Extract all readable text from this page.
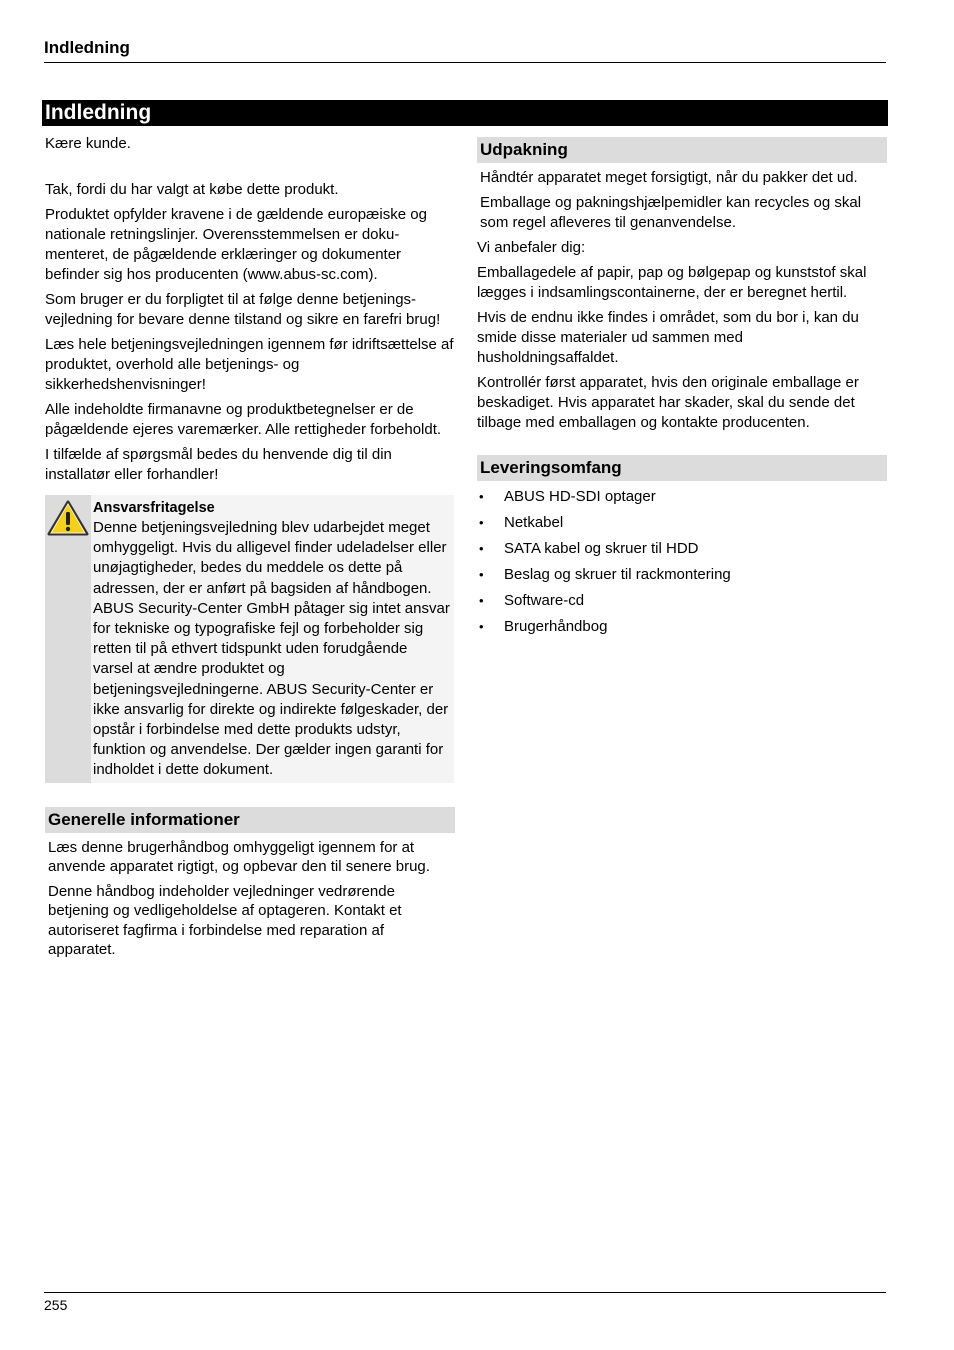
Indledning
Indledning

Kære kunde.

Tak, fordi du har valgt at købe dette produkt.

Produktet opfylder kravene i de gældende europæiske og nationale retningslinjer. Overensstemmelsen er doku-menteret, de pågældende erklæringer og dokumenter befinder sig hos producenten (www.abus-sc.com).

Som bruger er du forpligtet til at følge denne betjenings-vejledning for bevare denne tilstand og sikre en farefri brug!

Læs hele betjeningsvejledningen igennem før idriftsættelse af produktet, overhold alle betjenings- og sikkerhedshenvisninger!

Alle indeholdte firmanavne og produktbetegnelser er de pågældende ejeres varemærker. Alle rettigheder forbeholdt.

I tilfælde af spørgsmål bedes du henvende dig til din installatør eller forhandler!

Ansvarsfritagelse
Denne betjeningsvejledning blev udarbejdet meget omhyggeligt. Hvis du alligevel finder udeladelser eller unøjagtigheder, bedes du meddele os dette på adressen, der er anført på bagsiden af håndbogen. ABUS Security-Center GmbH påtager sig intet ansvar for tekniske og typografiske fejl og forbeholder sig retten til på ethvert tidspunkt uden forudgående varsel at ændre produktet og betjeningsvejledningerne. ABUS Security-Center er ikke ansvarlig for direkte og indirekte følgeskader, der opstår i forbindelse med dette produkts udstyr, funktion og anvendelse. Der gælder ingen garanti for indholdet i dette dokument.
Generelle informationer

Læs denne brugerhåndbog omhyggeligt igennem for at anvende apparatet rigtigt, og opbevar den til senere brug.

Denne håndbog indeholder vejledninger vedrørende betjening og vedligeholdelse af optageren. Kontakt et autoriseret fagfirma i forbindelse med reparation af apparatet.

Udpakning

Håndtér apparatet meget forsigtigt, når du pakker det ud.

Emballage og pakningshjælpemidler kan recycles og skal som regel afleveres til genanvendelse.

Vi anbefaler dig:

Emballagedele af papir, pap og bølgepap og kunststof skal lægges i indsamlingscontainerne, der er beregnet hertil.

Hvis de endnu ikke findes i området, som du bor i, kan du smide disse materialer ud sammen med husholdningsaffaldet.

Kontrollér først apparatet, hvis den originale emballage er beskadiget. Hvis apparatet har skader, skal du sende det tilbage med emballagen og kontakte producenten.

Leveringsomfang
• ABUS HD-SDI optager
• Netkabel
• SATA kabel og skruer til HDD
• Beslag og skruer til rackmontering
• Software-cd
• Brugerhåndbog
255
